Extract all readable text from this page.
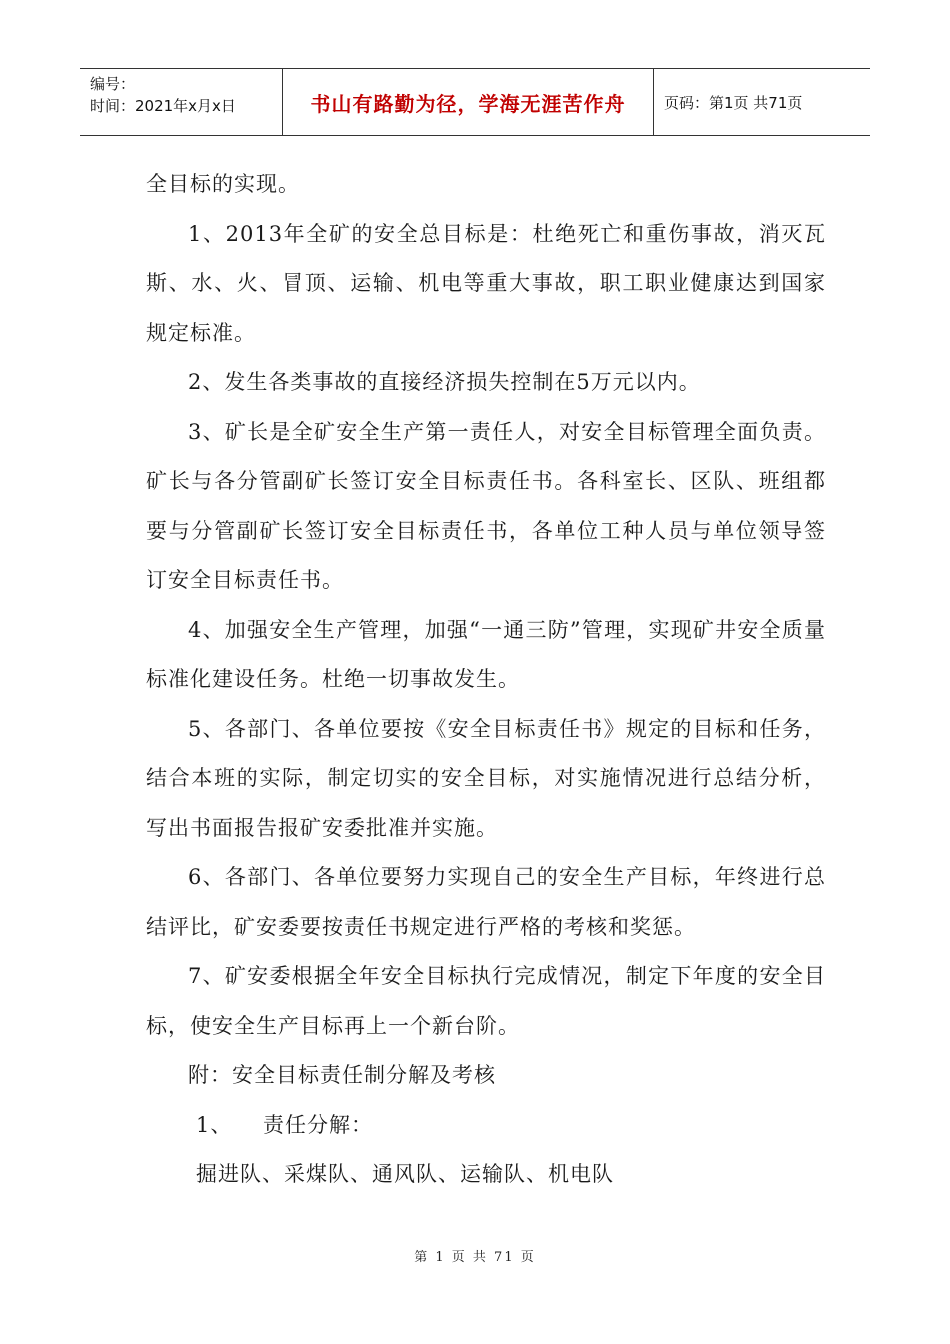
编号：
时间：2021年x月x日	书山有路勤为径，学海无涯苦作舟	页码：第1页 共71页

全目标的实现。

1、2013年全矿的安全总目标是：杜绝死亡和重伤事故，消灭瓦斯、水、火、冒顶、运输、机电等重大事故，职工职业健康达到国家规定标准。

2、发生各类事故的直接经济损失控制在5万元以内。

3、矿长是全矿安全生产第一责任人，对安全目标管理全面负责。矿长与各分管副矿长签订安全目标责任书。各科室长、区队、班组都要与分管副矿长签订安全目标责任书，各单位工种人员与单位领导签订安全目标责任书。

4、加强安全生产管理，加强“一通三防”管理，实现矿井安全质量标准化建设任务。杜绝一切事故发生。

5、各部门、各单位要按《安全目标责任书》规定的目标和任务，结合本班的实际，制定切实的安全目标，对实施情况进行总结分析，写出书面报告报矿安委批准并实施。

6、各部门、各单位要努力实现自己的安全生产目标，年终进行总结评比，矿安委要按责任书规定进行严格的考核和奖惩。

7、矿安委根据全年安全目标执行完成情况，制定下年度的安全目标，使安全生产目标再上一个新台阶。

附：安全目标责任制分解及考核

1、    责任分解：

掘进队、采煤队、通风队、运输队、机电队

第 1 页 共 71 页
